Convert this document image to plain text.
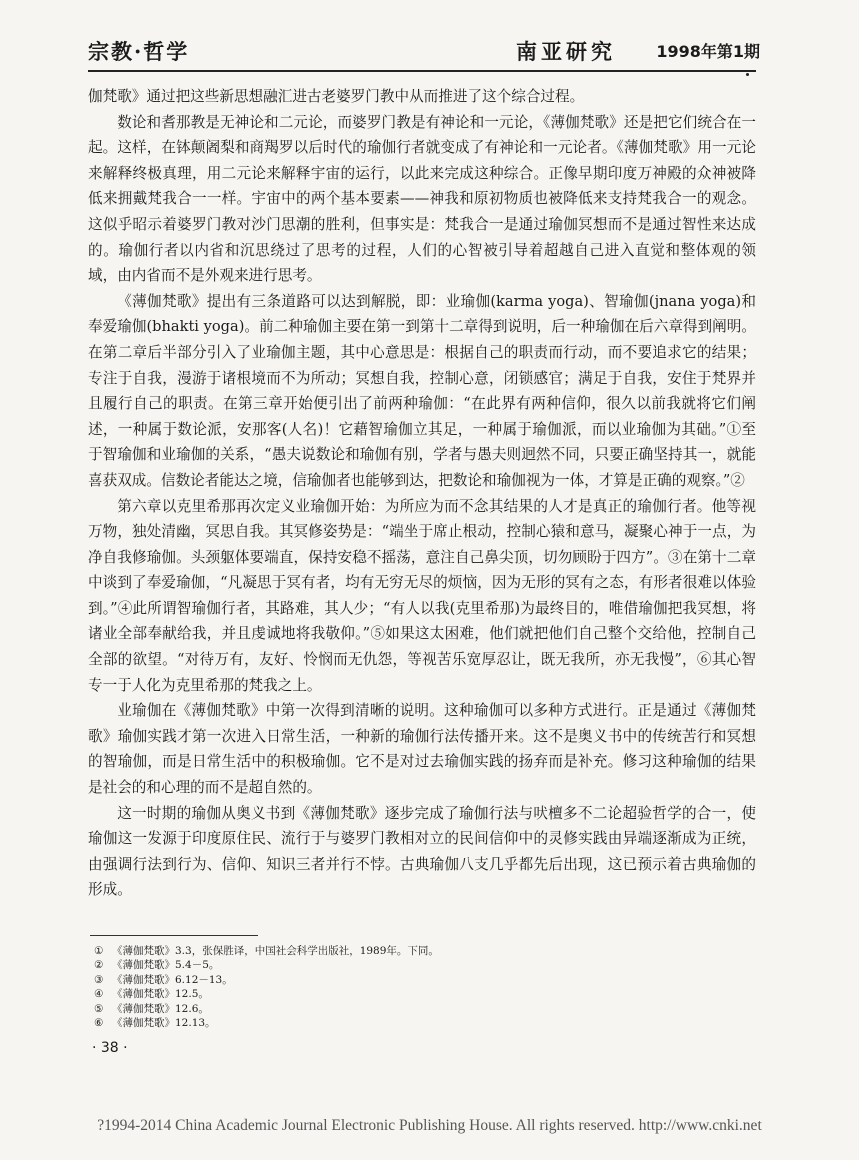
宗教·哲学	南亚研究	1998年第1期

伽梵歌》通过把这些新思想融汇进古老婆罗门教中从而推进了这个综合过程。

数论和耆那教是无神论和二元论，而婆罗门教是有神论和一元论，《薄伽梵歌》还是把它们统合在一起。这样，在钵颠阇梨和商羯罗以后时代的瑜伽行者就变成了有神论和一元论者。《薄伽梵歌》用一元论来解释终极真理，用二元论来解释宇宙的运行，以此来完成这种综合。正像早期印度万神殿的众神被降低来拥戴梵我合一一样。宇宙中的两个基本要素——神我和原初物质也被降低来支持梵我合一的观念。这似乎昭示着婆罗门教对沙门思潮的胜利，但事实是：梵我合一是通过瑜伽冥想而不是通过智性来达成的。瑜伽行者以内省和沉思绕过了思考的过程，人们的心智被引导着超越自己进入直觉和整体观的领域，由内省而不是外观来进行思考。

《薄伽梵歌》提出有三条道路可以达到解脱，即：业瑜伽(karma yoga)、智瑜伽(jnana yoga)和奉爱瑜伽(bhakti yoga)。前二种瑜伽主要在第一到第十二章得到说明，后一种瑜伽在后六章得到阐明。在第二章后半部分引入了业瑜伽主题，其中心意思是：根据自己的职责而行动，而不要追求它的结果；专注于自我，漫游于诸根境而不为所动；冥想自我，控制心意，闭锁感官；满足于自我，安住于梵界并且履行自己的职责。在第三章开始便引出了前两种瑜伽：“在此界有两种信仰，很久以前我就将它们阐述，一种属于数论派，安那客(人名)！它藉智瑜伽立其足，一种属于瑜伽派，而以业瑜伽为其础。”①至于智瑜伽和业瑜伽的关系，“愚夫说数论和瑜伽有别，学者与愚夫则迥然不同，只要正确坚持其一，就能喜获双成。信数论者能达之境，信瑜伽者也能够到达，把数论和瑜伽视为一体，才算是正确的观察。”②

第六章以克里希那再次定义业瑜伽开始：为所应为而不念其结果的人才是真正的瑜伽行者。他等视万物，独处清幽，冥思自我。其冥修姿势是：“端坐于席止根动，控制心猿和意马，凝聚心神于一点，为净自我修瑜伽。头颈躯体要端直，保持安稳不摇荡，意注自己鼻尖顶，切勿顾盼于四方”。③在第十二章中谈到了奉爱瑜伽，“凡凝思于冥有者，均有无穷无尽的烦恼，因为无形的冥有之态，有形者很难以体验到。”④此所谓智瑜伽行者，其路难，其人少；“有人以我(克里希那)为最终目的，唯借瑜伽把我冥想，将诸业全部奉献给我，并且虔诚地将我敬仰。”⑤如果这太困难，他们就把他们自己整个交给他，控制自己全部的欲望。“对待万有，友好、怜悯而无仇怨，等视苦乐宽厚忍让，既无我所，亦无我慢”，⑥其心智专一于人化为克里希那的梵我之上。

业瑜伽在《薄伽梵歌》中第一次得到清晰的说明。这种瑜伽可以多种方式进行。正是通过《薄伽梵歌》瑜伽实践才第一次进入日常生活，一种新的瑜伽行法传播开来。这不是奥义书中的传统苦行和冥想的智瑜伽，而是日常生活中的积极瑜伽。它不是对过去瑜伽实践的扬弃而是补充。修习这种瑜伽的结果是社会的和心理的而不是超自然的。

这一时期的瑜伽从奥义书到《薄伽梵歌》逐步完成了瑜伽行法与吠檀多不二论超验哲学的合一，使瑜伽这一发源于印度原住民、流行于与婆罗门教相对立的民间信仰中的灵修实践由异端逐渐成为正统，由强调行法到行为、信仰、知识三者并行不悖。古典瑜伽八支几乎都先后出现，这已预示着古典瑜伽的形成。

① 《薄伽梵歌》3.3，张保胜译，中国社会科学出版社，1989年。下同。
② 《薄伽梵歌》5.4－5。
③ 《薄伽梵歌》6.12－13。
④ 《薄伽梵歌》12.5。
⑤ 《薄伽梵歌》12.6。
⑥ 《薄伽梵歌》12.13。
· 38 ·
?1994-2014 China Academic Journal Electronic Publishing House. All rights reserved. http://www.cnki.net
